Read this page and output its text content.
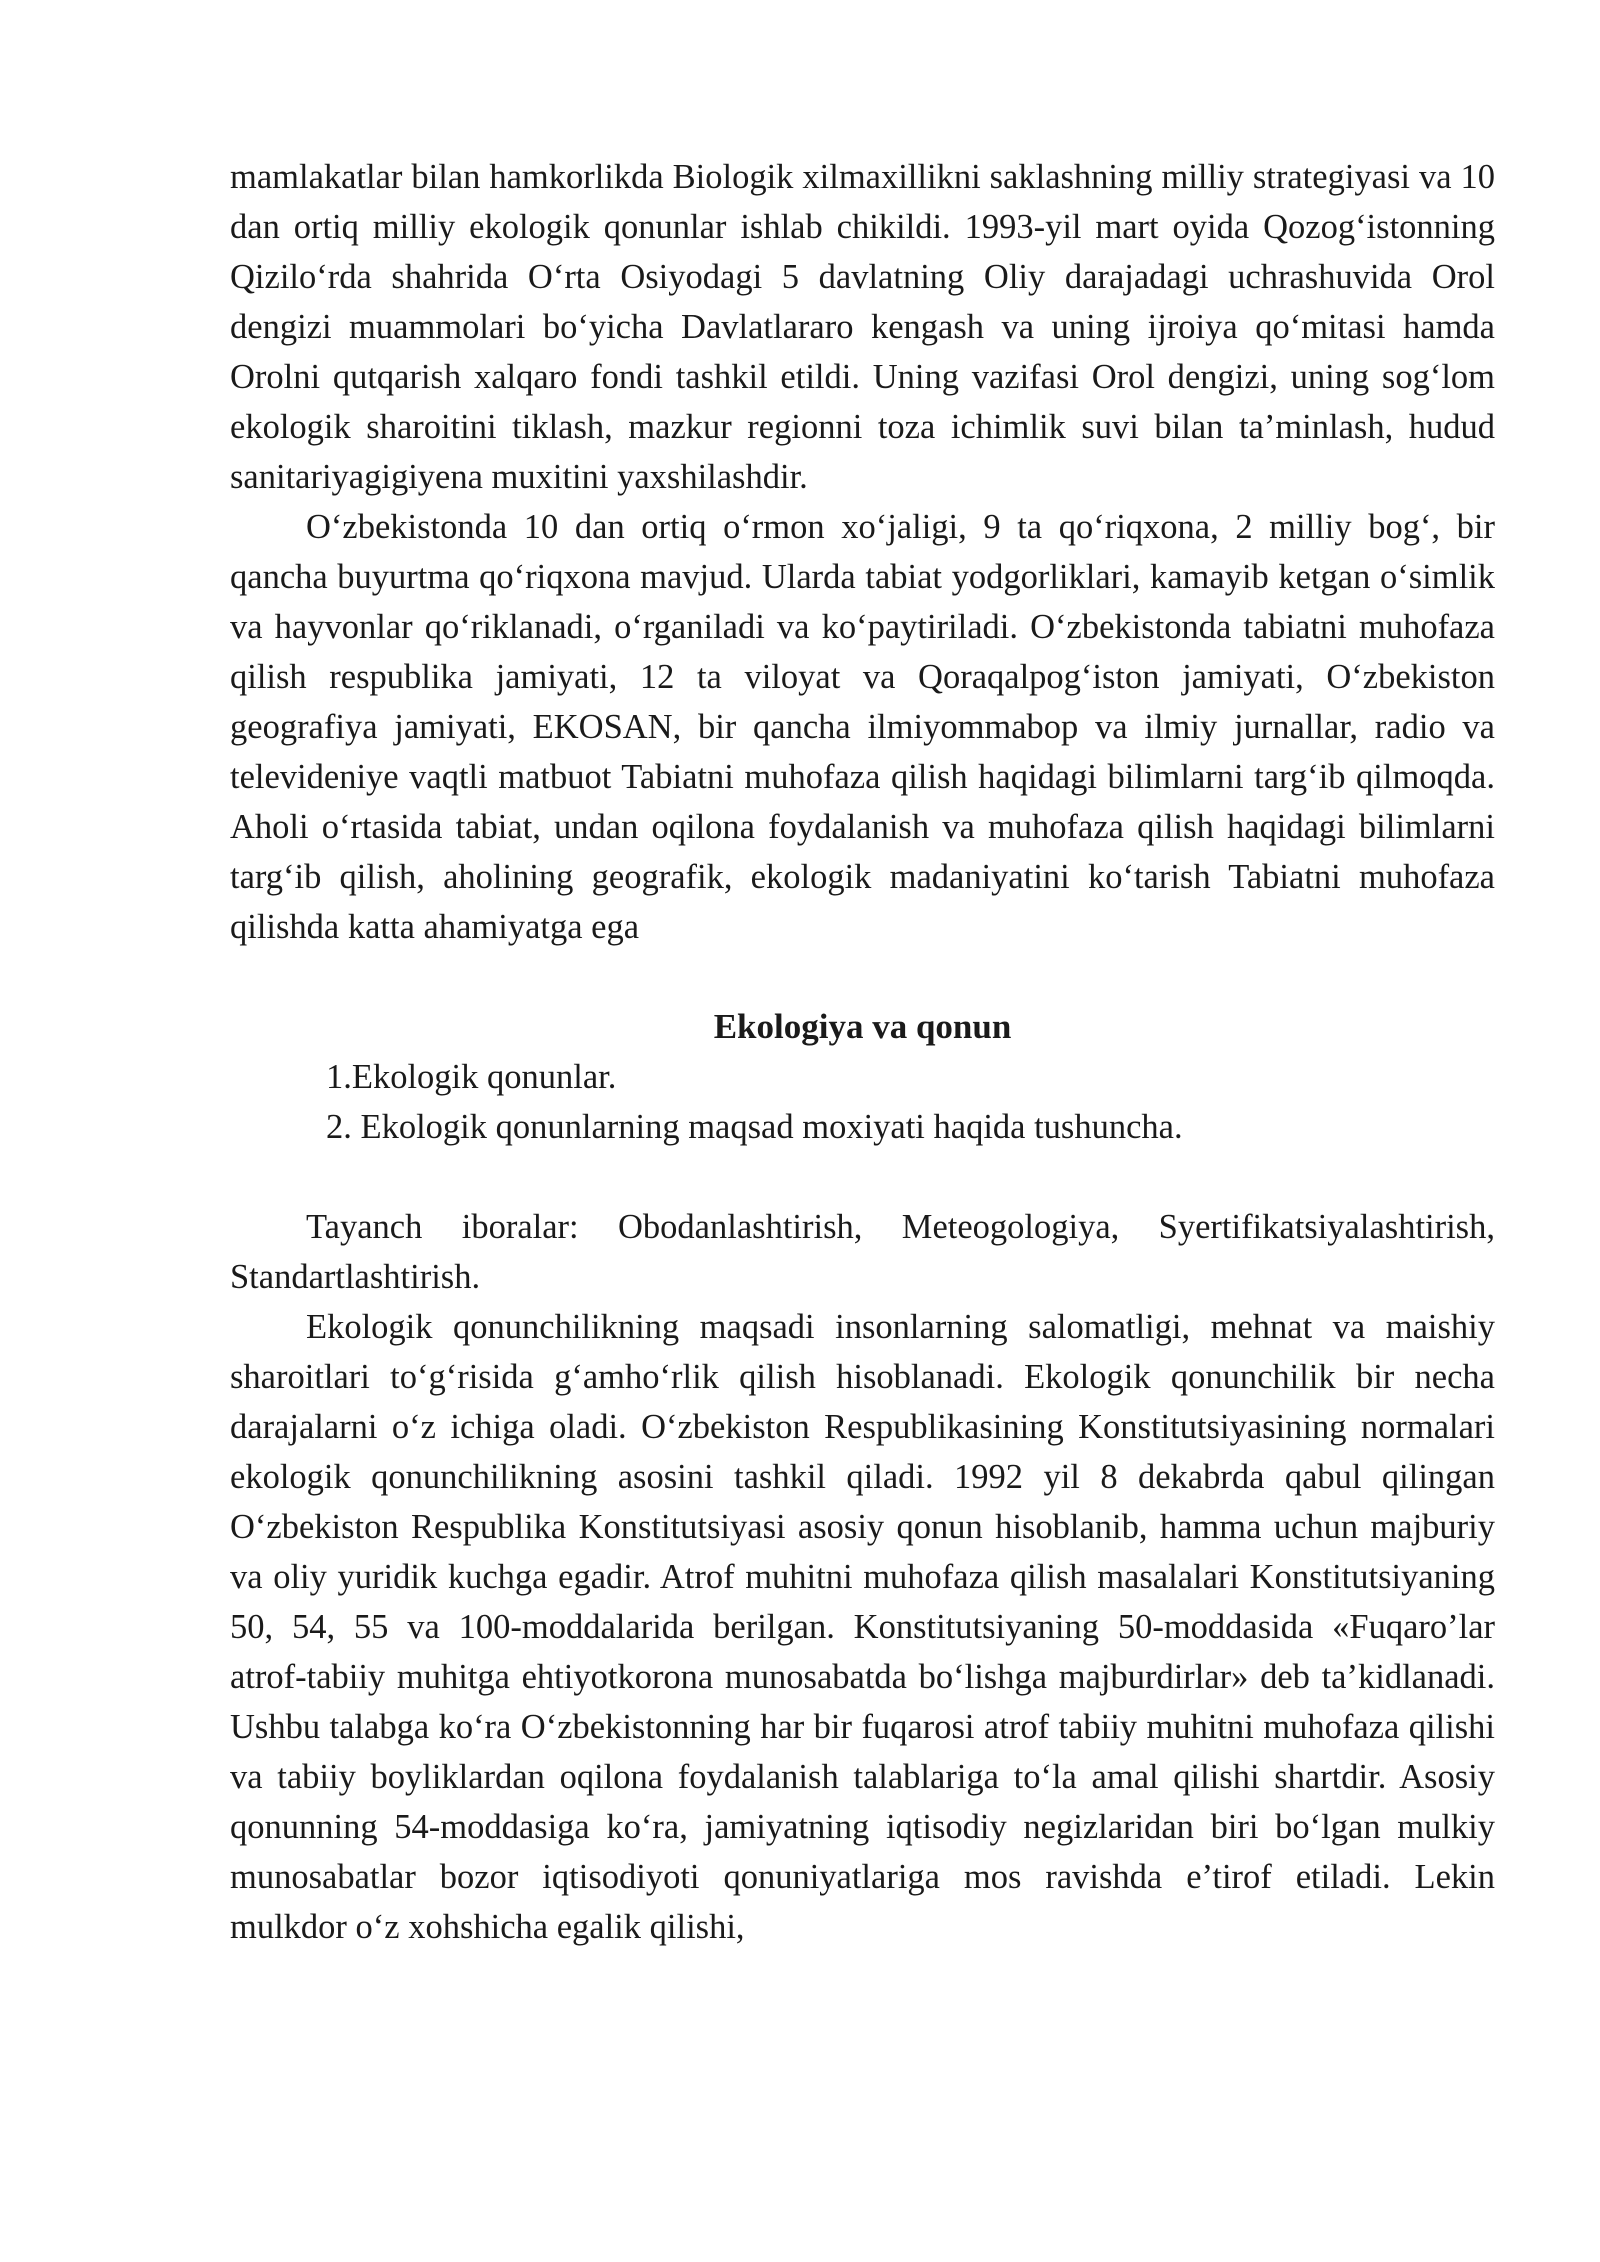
mamlakatlar bilan hamkorlikda Biologik xilmaxillikni saklashning milliy strategiyasi va 10 dan ortiq milliy ekologik qonunlar ishlab chikildi. 1993-yil mart oyida Qozog‘istonning Qizilo‘rda shahrida O‘rta Osiyodagi 5 davlatning Oliy darajadagi uchrashuvida Orol dengizi muammolari bo‘yicha Davlatlararo kengash va uning ijroiya qo‘mitasi hamda Orolni qutqarish xalqaro fondi tashkil etildi. Uning vazifasi Orol dengizi, uning sog‘lom ekologik sharoitini tiklash, mazkur regionni toza ichimlik suvi bilan ta’minlash, hudud sanitariyagigiyena muxitini yaxshilashdir.

O‘zbekistonda 10 dan ortiq o‘rmon xo‘jaligi, 9 ta qo‘riqxona, 2 milliy bog‘, bir qancha buyurtma qo‘riqxona mavjud. Ularda tabiat yodgorliklari, kamayib ketgan o‘simlik va hayvonlar qo‘riklanadi, o‘rganiladi va ko‘paytiriladi. O‘zbekistonda tabiatni muhofaza qilish respublika jamiyati, 12 ta viloyat va Qoraqalpog‘iston jamiyati, O‘zbekiston geografiya jamiyati, EKOSAN, bir qancha ilmiyommabop va ilmiy jurnallar, radio va televideniye vaqtli matbuot Tabiatni muhofaza qilish haqidagi bilimlarni targ‘ib qilmoqda. Aholi o‘rtasida tabiat, undan oqilona foydalanish va muhofaza qilish haqidagi bilimlarni targ‘ib qilish, aholining geografik, ekologik madaniyatini ko‘tarish Tabiatni muhofaza qilishda katta ahamiyatga ega

Ekologiya va qonun

1.Ekologik qonunlar.

2. Ekologik qonunlarning maqsad moxiyati haqida tushuncha.

Tayanch iboralar: Obodanlashtirish, Meteogologiya, Syertifikatsiyalashtirish, Standartlashtirish.

Ekologik qonunchilikning maqsadi insonlarning salomatligi, mehnat va maishiy sharoitlari to‘g‘risida g‘amho‘rlik qilish hisoblanadi. Ekologik qonunchilik bir necha darajalarni o‘z ichiga oladi. O‘zbekiston Respublikasining Konstitutsiyasining normalari ekologik qonunchilikning asosini tashkil qiladi. 1992 yil 8 dekabrda qabul qilingan O‘zbekiston Respublika Konstitutsiyasi asosiy qonun hisoblanib, hamma uchun majburiy va oliy yuridik kuchga egadir. Atrof muhitni muhofaza qilish masalalari Konstitutsiyaning 50, 54, 55 va 100-moddalarida berilgan. Konstitutsiyaning 50-moddasida «Fuqaro’lar atrof-tabiiy muhitga ehtiyotkorona munosabatda bo‘lishga majburdirlar» deb ta’kidlanadi. Ushbu talabga ko‘ra O‘zbekistonning har bir fuqarosi atrof tabiiy muhitni muhofaza qilishi va tabiiy boyliklardan oqilona foydalanish talablariga to‘la amal qilishi shartdir. Asosiy qonunning 54-moddasiga ko‘ra, jamiyatning iqtisodiy negizlaridan biri bo‘lgan mulkiy munosabatlar bozor iqtisodiyoti qonuniyatlariga mos ravishda e’tirof etiladi. Lekin mulkdor o‘z xohshicha egalik qilishi,
